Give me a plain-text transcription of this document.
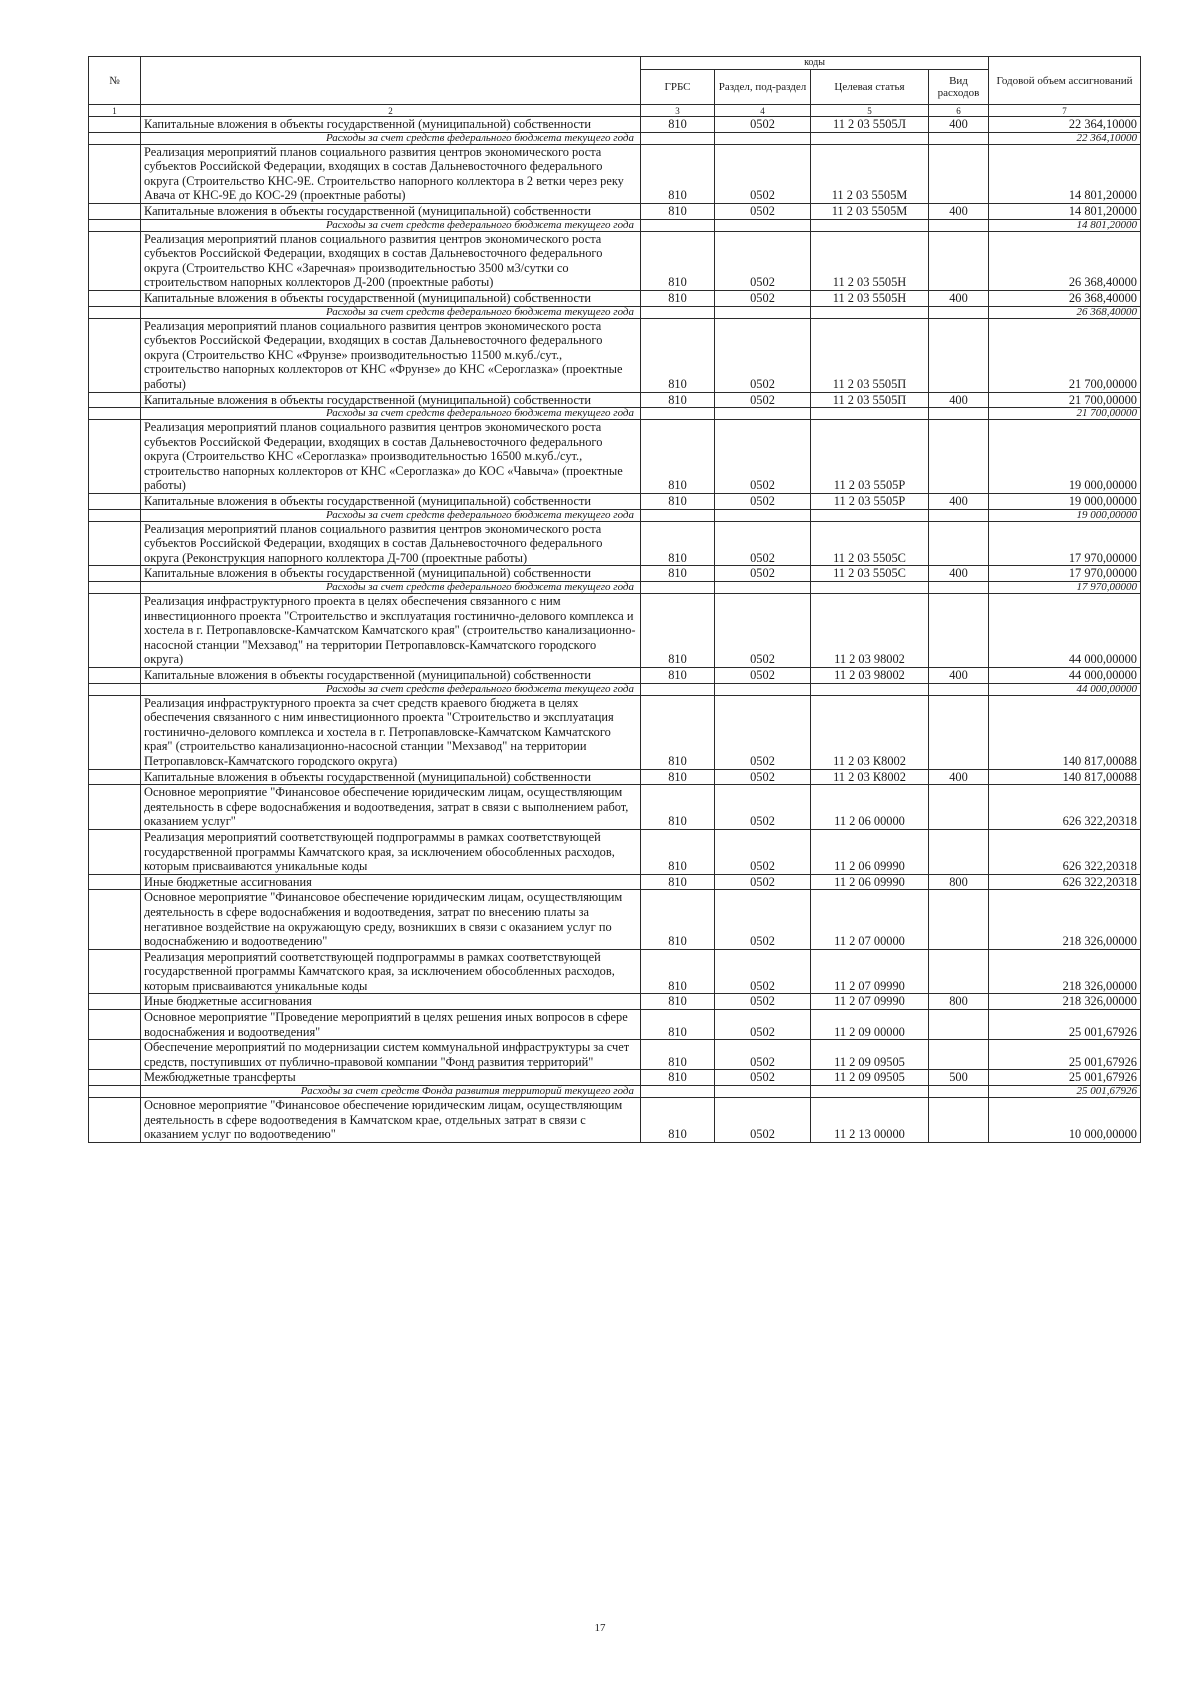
№		коды				Годовой объем ассигнований
		ГРБС	Раздел, под-раздел	Целевая статья	Вид расходов	
1	2	3	4	5	6	7
	Капитальные вложения в объекты государственной (муниципальной) собственности	810	0502	11 2 03 5505Л	400	22 364,10000
	Расходы за счет средств федерального бюджета текущего года					22 364,10000
	Реализация мероприятий планов социального развития центров экономического роста субъектов Российской Федерации, входящих в состав Дальневосточного федерального округа (Строительство КНС-9Е. Строительство напорного коллектора в 2 ветки через реку Авача от КНС-9Е до КОС-29 (проектные работы)	810	0502	11 2 03 5505М		14 801,20000
	Капитальные вложения в объекты государственной (муниципальной) собственности	810	0502	11 2 03 5505М	400	14 801,20000
	Расходы за счет средств федерального бюджета текущего года					14 801,20000
	Реализация мероприятий планов социального развития центров экономического роста субъектов Российской Федерации, входящих в состав Дальневосточного федерального округа (Строительство КНС «Заречная» производительностью 3500 м3/сутки со строительством напорных коллекторов Д-200 (проектные работы)	810	0502	11 2 03 5505Н		26 368,40000
	Капитальные вложения в объекты государственной (муниципальной) собственности	810	0502	11 2 03 5505Н	400	26 368,40000
	Расходы за счет средств федерального бюджета текущего года					26 368,40000
	Реализация мероприятий планов социального развития центров экономического роста субъектов Российской Федерации, входящих в состав Дальневосточного федерального округа (Строительство КНС «Фрунзе» производительностью 11500 м.куб./сут., строительство напорных коллекторов от КНС «Фрунзе» до КНС «Сероглазка» (проектные работы)	810	0502	11 2 03 5505П		21 700,00000
	Капитальные вложения в объекты государственной (муниципальной) собственности	810	0502	11 2 03 5505П	400	21 700,00000
	Расходы за счет средств федерального бюджета текущего года					21 700,00000
	Реализация мероприятий планов социального развития центров экономического роста субъектов Российской Федерации, входящих в состав Дальневосточного федерального округа (Строительство КНС «Сероглазка» производительностью 16500 м.куб./сут., строительство напорных коллекторов от КНС «Сероглазка» до КОС «Чавыча» (проектные работы)	810	0502	11 2 03 5505Р		19 000,00000
	Капитальные вложения в объекты государственной (муниципальной) собственности	810	0502	11 2 03 5505Р	400	19 000,00000
	Расходы за счет средств федерального бюджета текущего года					19 000,00000
	Реализация мероприятий планов социального развития центров экономического роста субъектов Российской Федерации, входящих в состав Дальневосточного федерального округа (Реконструкция напорного коллектора Д-700 (проектные работы)	810	0502	11 2 03 5505С		17 970,00000
	Капитальные вложения в объекты государственной (муниципальной) собственности	810	0502	11 2 03 5505С	400	17 970,00000
	Расходы за счет средств федерального бюджета текущего года					17 970,00000
	Реализация инфраструктурного проекта в целях обеспечения связанного с ним инвестиционного проекта "Строительство и эксплуатация гостинично-делового комплекса и хостела в г. Петропавловске-Камчатском Камчатского края" (строительство канализационно-насосной станции "Мехзавод" на территории Петропавловск-Камчатского городского округа)	810	0502	11 2 03 98002		44 000,00000
	Капитальные вложения в объекты государственной (муниципальной) собственности	810	0502	11 2 03 98002	400	44 000,00000
	Расходы за счет средств федерального бюджета текущего года					44 000,00000
	Реализация инфраструктурного проекта за счет средств краевого бюджета в целях обеспечения связанного с ним инвестиционного проекта "Строительство и эксплуатация гостинично-делового комплекса и хостела в г. Петропавловске-Камчатском Камчатского края" (строительство канализационно-насосной станции "Мехзавод" на территории Петропавловск-Камчатского городского округа)	810	0502	11 2 03 К8002		140 817,00088
	Капитальные вложения в объекты государственной (муниципальной) собственности	810	0502	11 2 03 К8002	400	140 817,00088
	Основное мероприятие "Финансовое обеспечение юридическим лицам, осуществляющим деятельность в сфере водоснабжения и водоотведения, затрат в связи с выполнением работ, оказанием услуг"	810	0502	11 2 06 00000		626 322,20318
	Реализация мероприятий соответствующей подпрограммы в рамках соответствующей государственной программы Камчатского края, за исключением обособленных расходов, которым присваиваются уникальные коды	810	0502	11 2 06 09990		626 322,20318
	Иные бюджетные ассигнования	810	0502	11 2 06 09990	800	626 322,20318
	Основное мероприятие "Финансовое обеспечение юридическим лицам, осуществляющим деятельность в сфере водоснабжения и водоотведения, затрат по внесению платы за негативное воздействие на окружающую среду, возникших в связи с оказанием услуг по водоснабжению и водоотведению"	810	0502	11 2 07 00000		218 326,00000
	Реализация мероприятий соответствующей подпрограммы в рамках соответствующей государственной программы Камчатского края, за исключением обособленных расходов, которым присваиваются уникальные коды	810	0502	11 2 07 09990		218 326,00000
	Иные бюджетные ассигнования	810	0502	11 2 07 09990	800	218 326,00000
	Основное мероприятие "Проведение мероприятий в целях решения иных вопросов в сфере водоснабжения и водоотведения"	810	0502	11 2 09 00000		25 001,67926
	Обеспечение мероприятий по модернизации систем коммунальной инфраструктуры за счет средств, поступивших от публично-правовой компании "Фонд развития территорий"	810	0502	11 2 09 09505		25 001,67926
	Межбюджетные трансферты	810	0502	11 2 09 09505	500	25 001,67926
	Расходы за счет средств Фонда развития территорий текущего года					25 001,67926
	Основное мероприятие "Финансовое обеспечение юридическим лицам, осуществляющим деятельность в сфере водоотведения в Камчатском крае, отдельных затрат в связи с оказанием услуг по водоотведению"	810	0502	11 2 13 00000		10 000,00000
17
